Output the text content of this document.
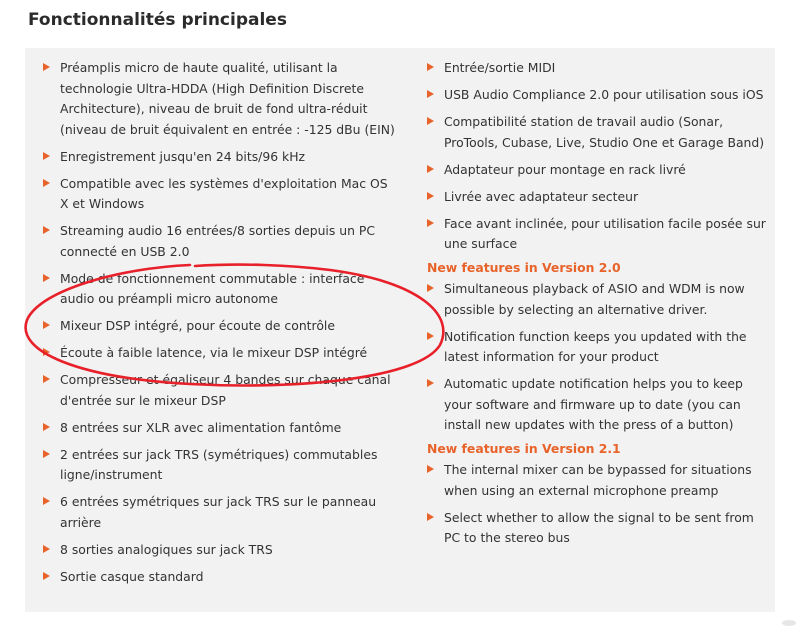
Fonctionnalités principales
Préamplis micro de haute qualité, utilisant la technologie Ultra-HDDA (High Definition Discrete Architecture), niveau de bruit de fond ultra-réduit (niveau de bruit équivalent en entrée : -125 dBu (EIN)
Enregistrement jusqu'en 24 bits/96 kHz
Compatible avec les systèmes d'exploitation Mac OS X et Windows
Streaming audio 16 entrées/8 sorties depuis un PC connecté en USB 2.0
Mode de fonctionnement commutable : interface audio ou préampli micro autonome
Mixeur DSP intégré, pour écoute de contrôle
Écoute à faible latence, via le mixeur DSP intégré
Compresseur et égaliseur 4 bandes sur chaque canal d'entrée sur le mixeur DSP
8 entrées sur XLR avec alimentation fantôme
2 entrées sur jack TRS (symétriques) commutables ligne/instrument
6 entrées symétriques sur jack TRS sur le panneau arrière
8 sorties analogiques sur jack TRS
Sortie casque standard
Entrée/sortie MIDI
USB Audio Compliance 2.0 pour utilisation sous iOS
Compatibilité station de travail audio (Sonar, ProTools, Cubase, Live, Studio One et Garage Band)
Adaptateur pour montage en rack livré
Livrée avec adaptateur secteur
Face avant inclinée, pour utilisation facile posée sur une surface
New features in Version 2.0
Simultaneous playback of ASIO and WDM is now possible by selecting an alternative driver.
Notification function keeps you updated with the latest information for your product
Automatic update notification helps you to keep your software and firmware up to date (you can install new updates with the press of a button)
New features in Version 2.1
The internal mixer can be bypassed for situations when using an external microphone preamp
Select whether to allow the signal to be sent from PC to the stereo bus
